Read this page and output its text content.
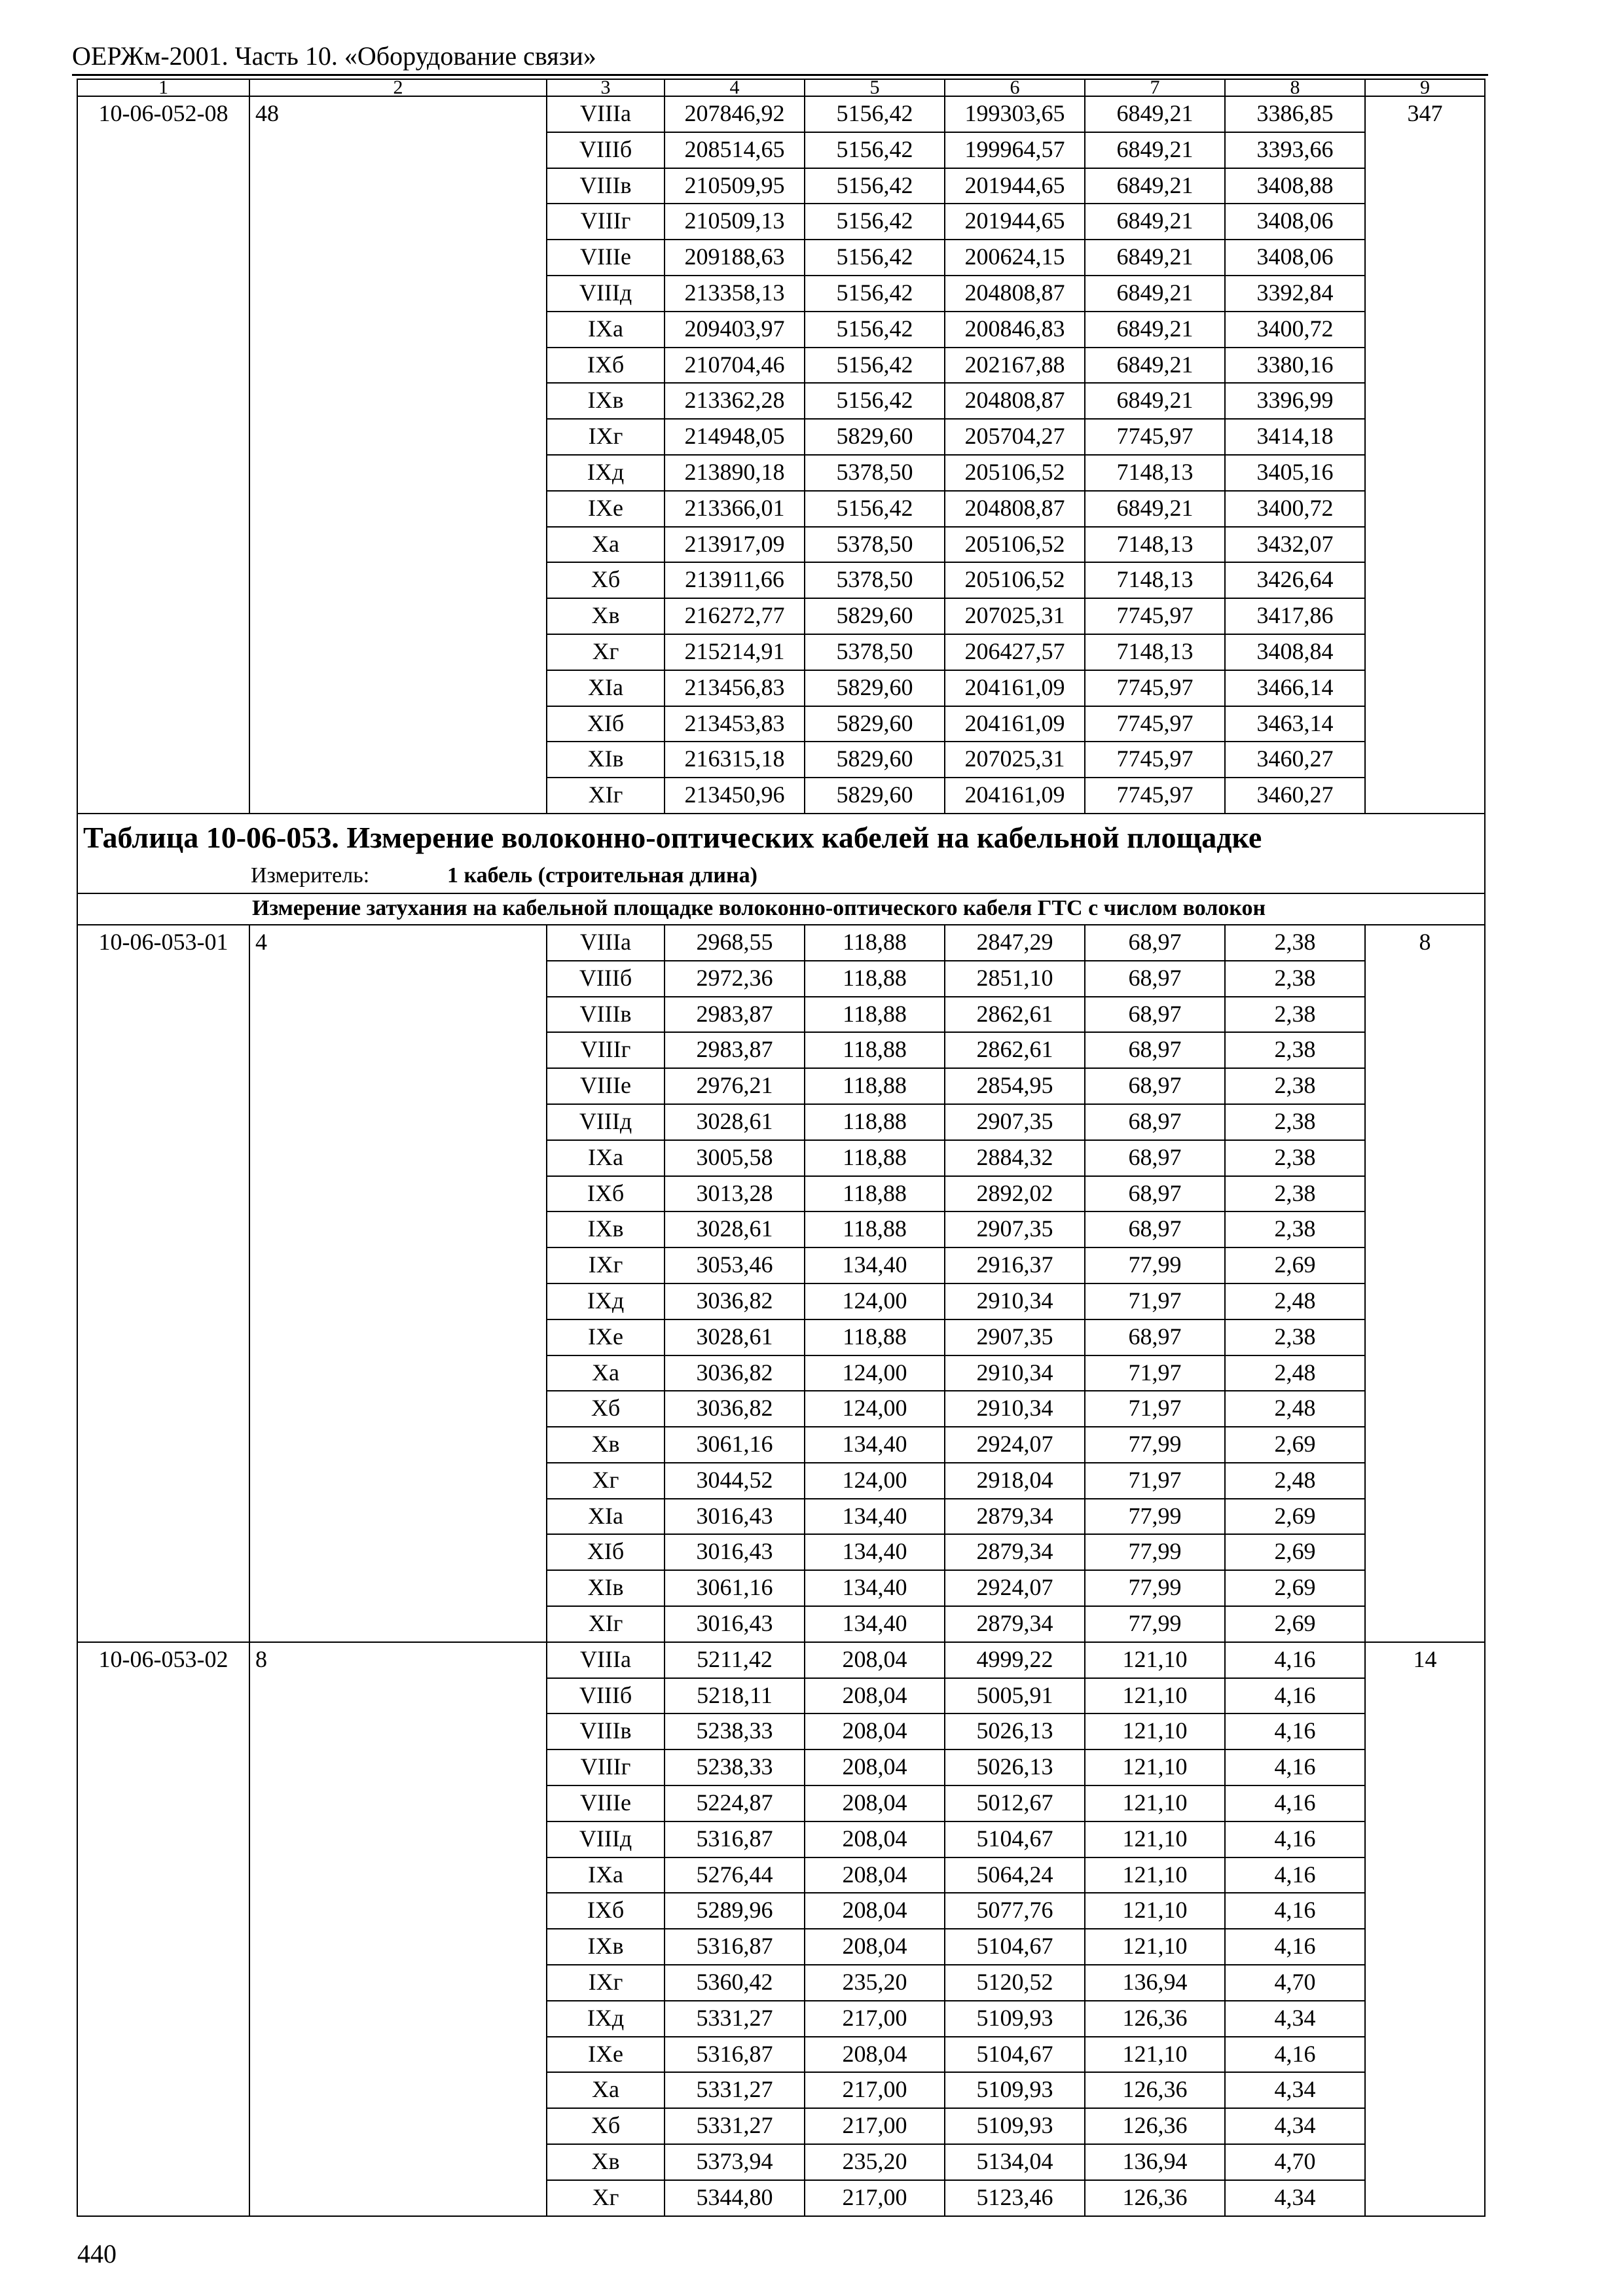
ОЕРЖм-2001. Часть 10. «Оборудование связи»
1	2	3	4	5	6	7	8	9
10-06-052-08	48	VIIIа	207846,92	5156,42	199303,65	6849,21	3386,85	347
		VIIIб	208514,65	5156,42	199964,57	6849,21	3393,66	
		VIIIв	210509,95	5156,42	201944,65	6849,21	3408,88	
		VIIIг	210509,13	5156,42	201944,65	6849,21	3408,06	
		VIIIе	209188,63	5156,42	200624,15	6849,21	3408,06	
		VIIIд	213358,13	5156,42	204808,87	6849,21	3392,84	
		IXа	209403,97	5156,42	200846,83	6849,21	3400,72	
		IXб	210704,46	5156,42	202167,88	6849,21	3380,16	
		IXв	213362,28	5156,42	204808,87	6849,21	3396,99	
		IXг	214948,05	5829,60	205704,27	7745,97	3414,18	
		IXд	213890,18	5378,50	205106,52	7148,13	3405,16	
		IXе	213366,01	5156,42	204808,87	6849,21	3400,72	
		Xа	213917,09	5378,50	205106,52	7148,13	3432,07	
		Xб	213911,66	5378,50	205106,52	7148,13	3426,64	
		Xв	216272,77	5829,60	207025,31	7745,97	3417,86	
		Xг	215214,91	5378,50	206427,57	7148,13	3408,84	
		XIа	213456,83	5829,60	204161,09	7745,97	3466,14	
		XIб	213453,83	5829,60	204161,09	7745,97	3463,14	
		XIв	216315,18	5829,60	207025,31	7745,97	3460,27	
		XIг	213450,96	5829,60	204161,09	7745,97	3460,27	
Таблица 10-06-053. Измерение волоконно-оптических кабелей на кабельной площадке								
Измеритель: 1 кабель (строительная длина)								
Измерение затухания на кабельной площадке волоконно-оптического кабеля ГТС с числом волокон								
10-06-053-01	4	VIIIа	2968,55	118,88	2847,29	68,97	2,38	8
		VIIIб	2972,36	118,88	2851,10	68,97	2,38	
		VIIIв	2983,87	118,88	2862,61	68,97	2,38	
		VIIIг	2983,87	118,88	2862,61	68,97	2,38	
		VIIIе	2976,21	118,88	2854,95	68,97	2,38	
		VIIIд	3028,61	118,88	2907,35	68,97	2,38	
		IXа	3005,58	118,88	2884,32	68,97	2,38	
		IXб	3013,28	118,88	2892,02	68,97	2,38	
		IXв	3028,61	118,88	2907,35	68,97	2,38	
		IXг	3053,46	134,40	2916,37	77,99	2,69	
		IXд	3036,82	124,00	2910,34	71,97	2,48	
		IXе	3028,61	118,88	2907,35	68,97	2,38	
		Xа	3036,82	124,00	2910,34	71,97	2,48	
		Xб	3036,82	124,00	2910,34	71,97	2,48	
		Xв	3061,16	134,40	2924,07	77,99	2,69	
		Xг	3044,52	124,00	2918,04	71,97	2,48	
		XIа	3016,43	134,40	2879,34	77,99	2,69	
		XIб	3016,43	134,40	2879,34	77,99	2,69	
		XIв	3061,16	134,40	2924,07	77,99	2,69	
		XIг	3016,43	134,40	2879,34	77,99	2,69	
10-06-053-02	8	VIIIа	5211,42	208,04	4999,22	121,10	4,16	14
		VIIIб	5218,11	208,04	5005,91	121,10	4,16	
		VIIIв	5238,33	208,04	5026,13	121,10	4,16	
		VIIIг	5238,33	208,04	5026,13	121,10	4,16	
		VIIIе	5224,87	208,04	5012,67	121,10	4,16	
		VIIIд	5316,87	208,04	5104,67	121,10	4,16	
		IXа	5276,44	208,04	5064,24	121,10	4,16	
		IXб	5289,96	208,04	5077,76	121,10	4,16	
		IXв	5316,87	208,04	5104,67	121,10	4,16	
		IXг	5360,42	235,20	5120,52	136,94	4,70	
		IXд	5331,27	217,00	5109,93	126,36	4,34	
		IXе	5316,87	208,04	5104,67	121,10	4,16	
		Xа	5331,27	217,00	5109,93	126,36	4,34	
		Xб	5331,27	217,00	5109,93	126,36	4,34	
		Xв	5373,94	235,20	5134,04	136,94	4,70	
		Xг	5344,80	217,00	5123,46	126,36	4,34	
440
